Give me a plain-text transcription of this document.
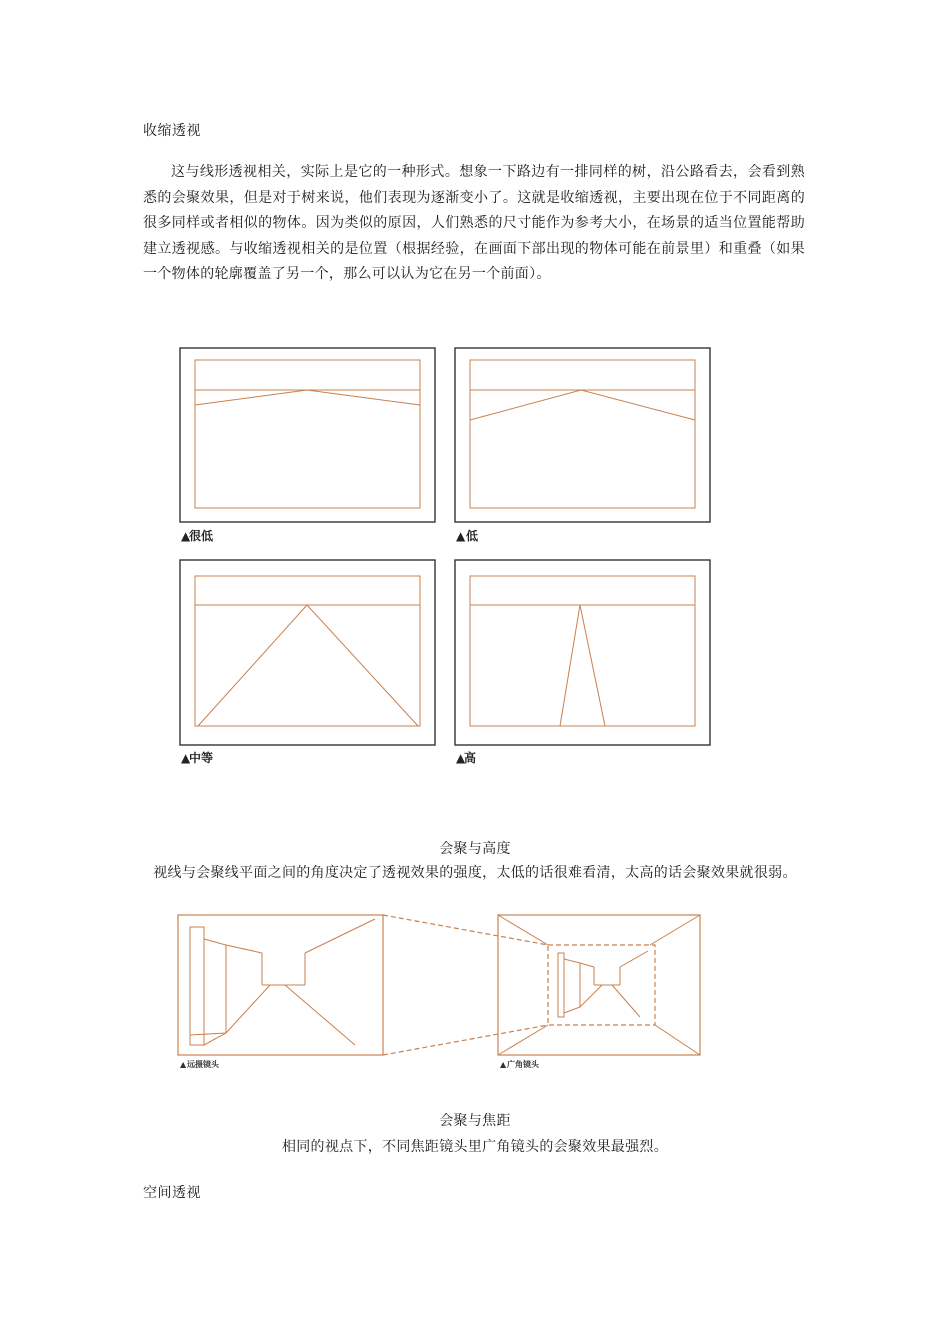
收缩透视
这与线形透视相关，实际上是它的一种形式。想象一下路边有一排同样的树，沿公路看去，会看到熟悉的会聚效果，但是对于树来说，他们表现为逐渐变小了。这就是收缩透视，主要出现在位于不同距离的很多同样或者相似的物体。因为类似的原因，人们熟悉的尺寸能作为参考大小，在场景的适当位置能帮助建立透视感。与收缩透视相关的是位置（根据经验，在画面下部出现的物体可能在前景里）和重叠（如果一个物体的轮廓覆盖了另一个，那么可以认为它在另一个前面）。
▲
很低	▲ 低
▲
中等	▲
高
会聚与高度
视线与会聚线平面之间的角度决定了透视效果的强度，太低的话很难看清，太高的话会聚效果就很弱。
▲ 远摄镜头	▲ 广角镜头
会聚与焦距
相同的视点下，不同焦距镜头里广角镜头的会聚效果最强烈。
空间透视
